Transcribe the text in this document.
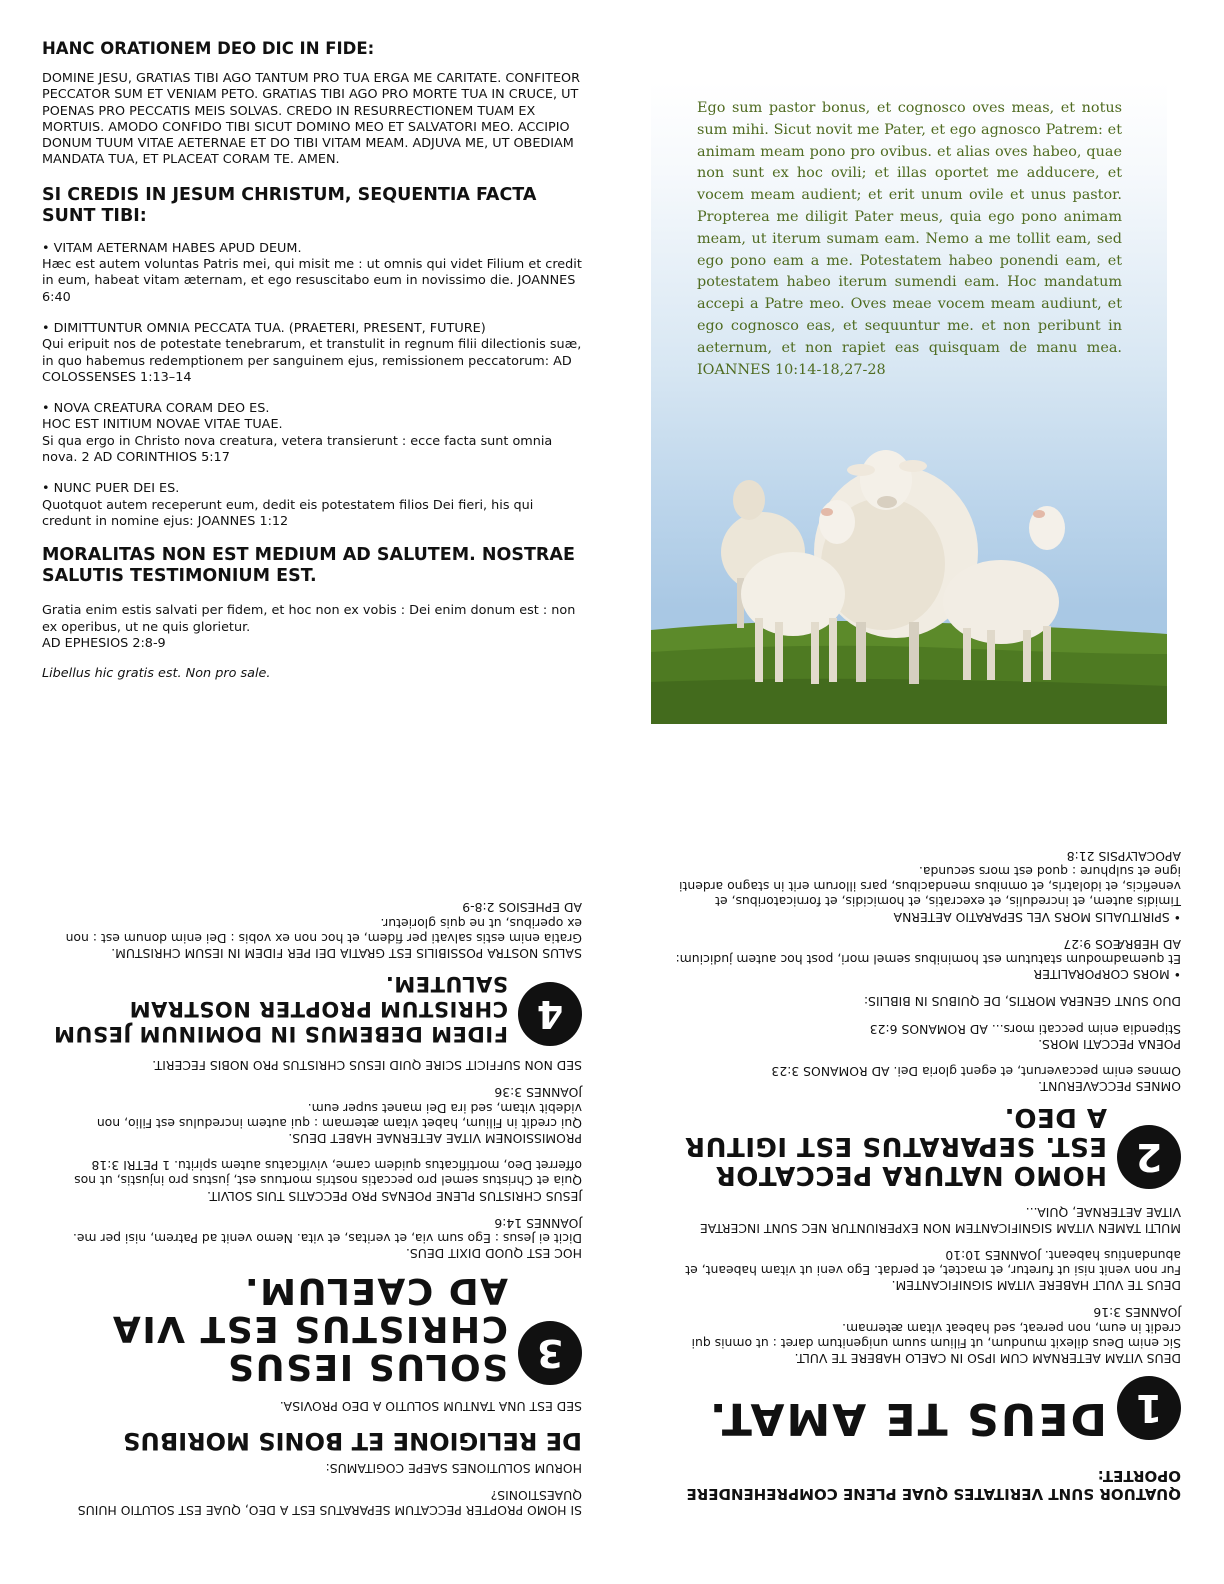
HANC ORATIONEM DEO DIC IN FIDE:

DOMINE JESU, GRATIAS TIBI AGO TANTUM PRO TUA ERGA ME CARITATE. CONFITEOR PECCATOR SUM ET VENIAM PETO. GRATIAS TIBI AGO PRO MORTE TUA IN CRUCE, UT POENAS PRO PECCATIS MEIS SOLVAS. CREDO IN RESURRECTIONEM TUAM EX MORTUIS. AMODO CONFIDO TIBI SICUT DOMINO MEO ET SALVATORI MEO. ACCIPIO DONUM TUUM VITAE AETERNAE ET DO TIBI VITAM MEAM. ADJUVA ME, UT OBEDIAM MANDATA TUA, ET PLACEAT CORAM TE. AMEN.

SI CREDIS IN JESUM CHRISTUM, SEQUENTIA FACTA SUNT TIBI:

• VITAM AETERNAM HABES APUD DEUM.

Hæc est autem voluntas Patris mei, qui misit me : ut omnis qui videt Filium et credit in eum, habeat vitam æternam, et ego resuscitabo eum in novissimo die. JOANNES 6:40

• DIMITTUNTUR OMNIA PECCATA TUA. (PRAETERI, PRESENT, FUTURE)

Qui eripuit nos de potestate tenebrarum, et transtulit in regnum filii dilectionis suæ, in quo habemus redemptionem per sanguinem ejus, remissionem peccatorum: AD COLOSSENSES 1:13–14

• NOVA CREATURA CORAM DEO ES.

HOC EST INITIUM NOVAE VITAE TUAE.

Si qua ergo in Christo nova creatura, vetera transierunt : ecce facta sunt omnia nova. 2 AD CORINTHIOS 5:17

• NUNC PUER DEI ES.

Quotquot autem receperunt eum, dedit eis potestatem filios Dei fieri, his qui credunt in nomine ejus: JOANNES 1:12

MORALITAS NON EST MEDIUM AD SALUTEM. NOSTRAE SALUTIS TESTIMONIUM EST.

Gratia enim estis salvati per fidem, et hoc non ex vobis : Dei enim donum est : non ex operibus, ut ne quis glorietur.

AD EPHESIOS 2:8-9

Libellus hic gratis est. Non pro sale.

Ego sum pastor bonus, et cognosco oves meas, et notus sum mihi. Sicut novit me Pater, et ego agnosco Patrem: et animam meam pono pro ovibus. et alias oves habeo, quae non sunt ex hoc ovili; et illas oportet me adducere, et vocem meam audient; et erit unum ovile et unus pastor. Propterea me diligit Pater meus, quia ego pono animam meam, ut iterum sumam eam. Nemo a me tollit eam, sed ego pono eam a me. Potestatem habeo ponendi eam, et potestatem habeo iterum sumendi eam. Hoc mandatum accepi a Patre meo. Oves meae vocem meam audiunt, et ego cognosco eas, et sequuntur me. et non peribunt in aeternum, et non rapiet eas quisquam de manu mea. IOANNES 10:14-18,27-28

QUATUOR SUNT VERITATES QUAE PLENE COMPREHENDERE OPORTET:

1
DEUS TE AMAT.

DEUS VITAM AETERNAM CUM IPSO IN CAELO HABERE TE VULT.

Sic enim Deus dilexit mundum, ut Filium suum unigenitum daret : ut omnis qui credit in eum, non pereat, sed habeat vitam æternam.

JOANNES 3:16

DEUS TE VULT HABERE VITAM SIGNIFICANTEM.

Fur non venit nisi ut furetur, et mactet, et perdat. Ego veni ut vitam habeant, et abundantius habeant. JOANNES 10:10

MULTI TAMEN VITAM SIGNIFICANTEM NON EXPERIUNTUR NEC SUNT INCERTAE VITAE AETERNAE, QUIA...

2
HOMO NATURA PECCATOR EST. SEPARATUS EST IGITUR A DEO.

OMNES PECCAVERUNT.

Omnes enim peccaverunt, et egent gloria Dei. AD ROMANOS 3:23

POENA PECCATI MORS.

Stipendia enim peccati mors... AD ROMANOS 6:23

DUO SUNT GENERA MORTIS, DE QUIBUS IN BIBLIIS:

• MORS CORPORALITER

Et quemadmodum statutum est hominibus semel mori, post hoc autem judicium: AD HEBRÆOS 9:27

• SPIRITUALIS MORS VEL SEPARATIO AETERNA

Timidis autem, et incredulis, et execratis, et homicidis, et fornicatoribus, et veneficis, et idolatris, et omnibus mendacibus, pars illorum erit in stagno ardenti igne et sulphure : quod est mors secunda.

APOCALYPSIS 21:8

SI HOMO PROPTER PECCATUM SEPARATUS EST A DEO, QUAE EST SOLUTIO HUIUS QUAESTIONIS?

HORUM SOLUTIONES SAEPE COGITAMUS:

DE RELIGIONE ET BONIS MORIBUS

SED EST UNA TANTUM SOLUTIO A DEO PROVISA.

3
SOLUS IESUS CHRISTUS EST VIA AD CAELUM.

HOC EST QUOD DIXIT DEUS.

Dicit ei Jesus : Ego sum via, et veritas, et vita. Nemo venit ad Patrem, nisi per me. JOANNES 14:6

JESUS CHRISTUS PLENE POENAS PRO PECCATIS TUIS SOLVIT.

Quia et Christus semel pro peccatis nostris mortuus est, justus pro injustis, ut nos offerret Deo, mortificatus quidem carne, vivificatus autem spiritu. 1 PETRI 3:18

PROMISSIONEM VITAE AETERNAE HABET DEUS.

Qui credit in Filium, habet vitam æternam : qui autem incredulus est Filio, non videbit vitam, sed ira Dei manet super eum.

JOANNES 3:36

SED NON SUFFICIT SCIRE QUID IESUS CHRISTUS PRO NOBIS FECERIT.

4
FIDEM DEBEMUS IN DOMINUM JESUM CHRISTUM PROPTER NOSTRAM SALUTEM.

SALUS NOSTRA POSSIBILIS EST GRATIA DEI PER FIDEM IN IESUM CHRISTUM.

Gratia enim estis salvati per fidem, et hoc non ex vobis : Dei enim donum est : non ex operibus, ut ne quis glorietur.

AD EPHESIOS 2:8-9
